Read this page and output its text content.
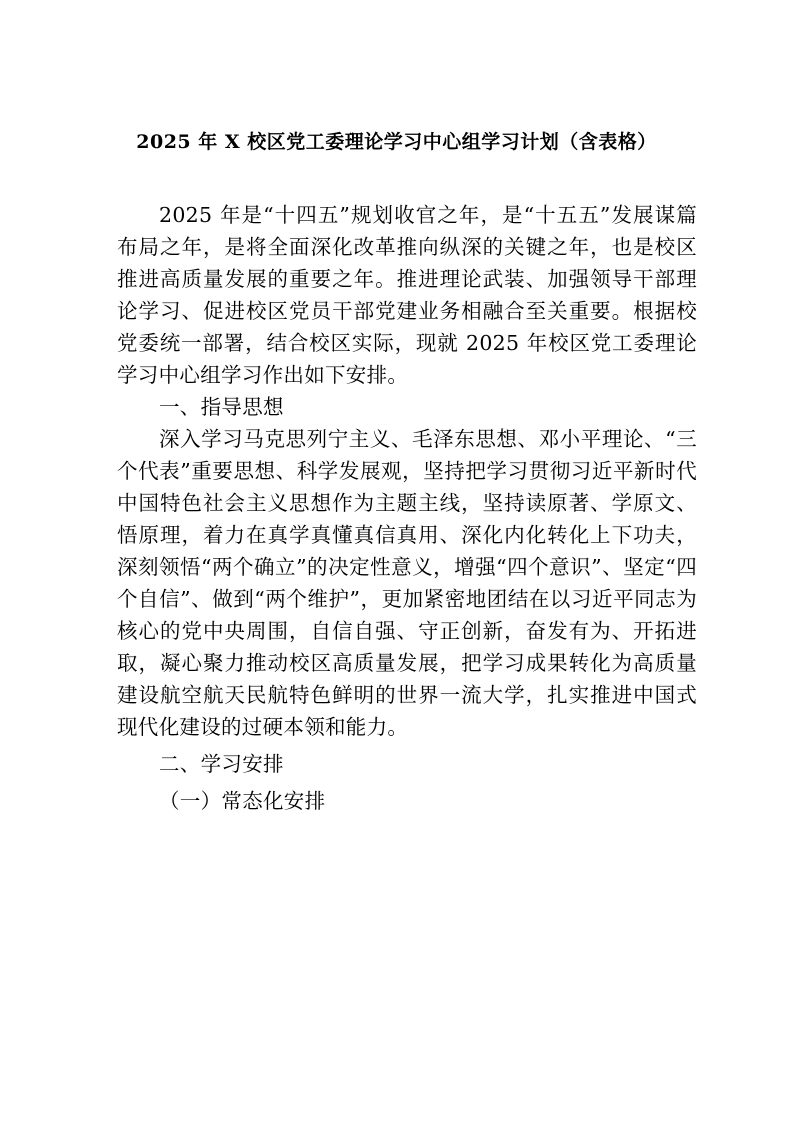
2025 年 X 校区党工委理论学习中心组学习计划（含表格）

2025 年是“十四五”规划收官之年，是“十五五”发展谋篇布局之年，是将全面深化改革推向纵深的关键之年，也是校区推进高质量发展的重要之年。推进理论武装、加强领导干部理论学习、促进校区党员干部党建业务相融合至关重要。根据校党委统一部署，结合校区实际，现就 2025 年校区党工委理论学习中心组学习作出如下安排。

一、指导思想

深入学习马克思列宁主义、毛泽东思想、邓小平理论、“三个代表”重要思想、科学发展观，坚持把学习贯彻习近平新时代中国特色社会主义思想作为主题主线，坚持读原著、学原文、悟原理，着力在真学真懂真信真用、深化内化转化上下功夫，深刻领悟“两个确立”的决定性意义，增强“四个意识”、坚定“四个自信”、做到“两个维护”，更加紧密地团结在以习近平同志为核心的党中央周围，自信自强、守正创新，奋发有为、开拓进取，凝心聚力推动校区高质量发展，把学习成果转化为高质量建设航空航天民航特色鲜明的世界一流大学，扎实推进中国式现代化建设的过硬本领和能力。

二、学习安排

（一）常态化安排
